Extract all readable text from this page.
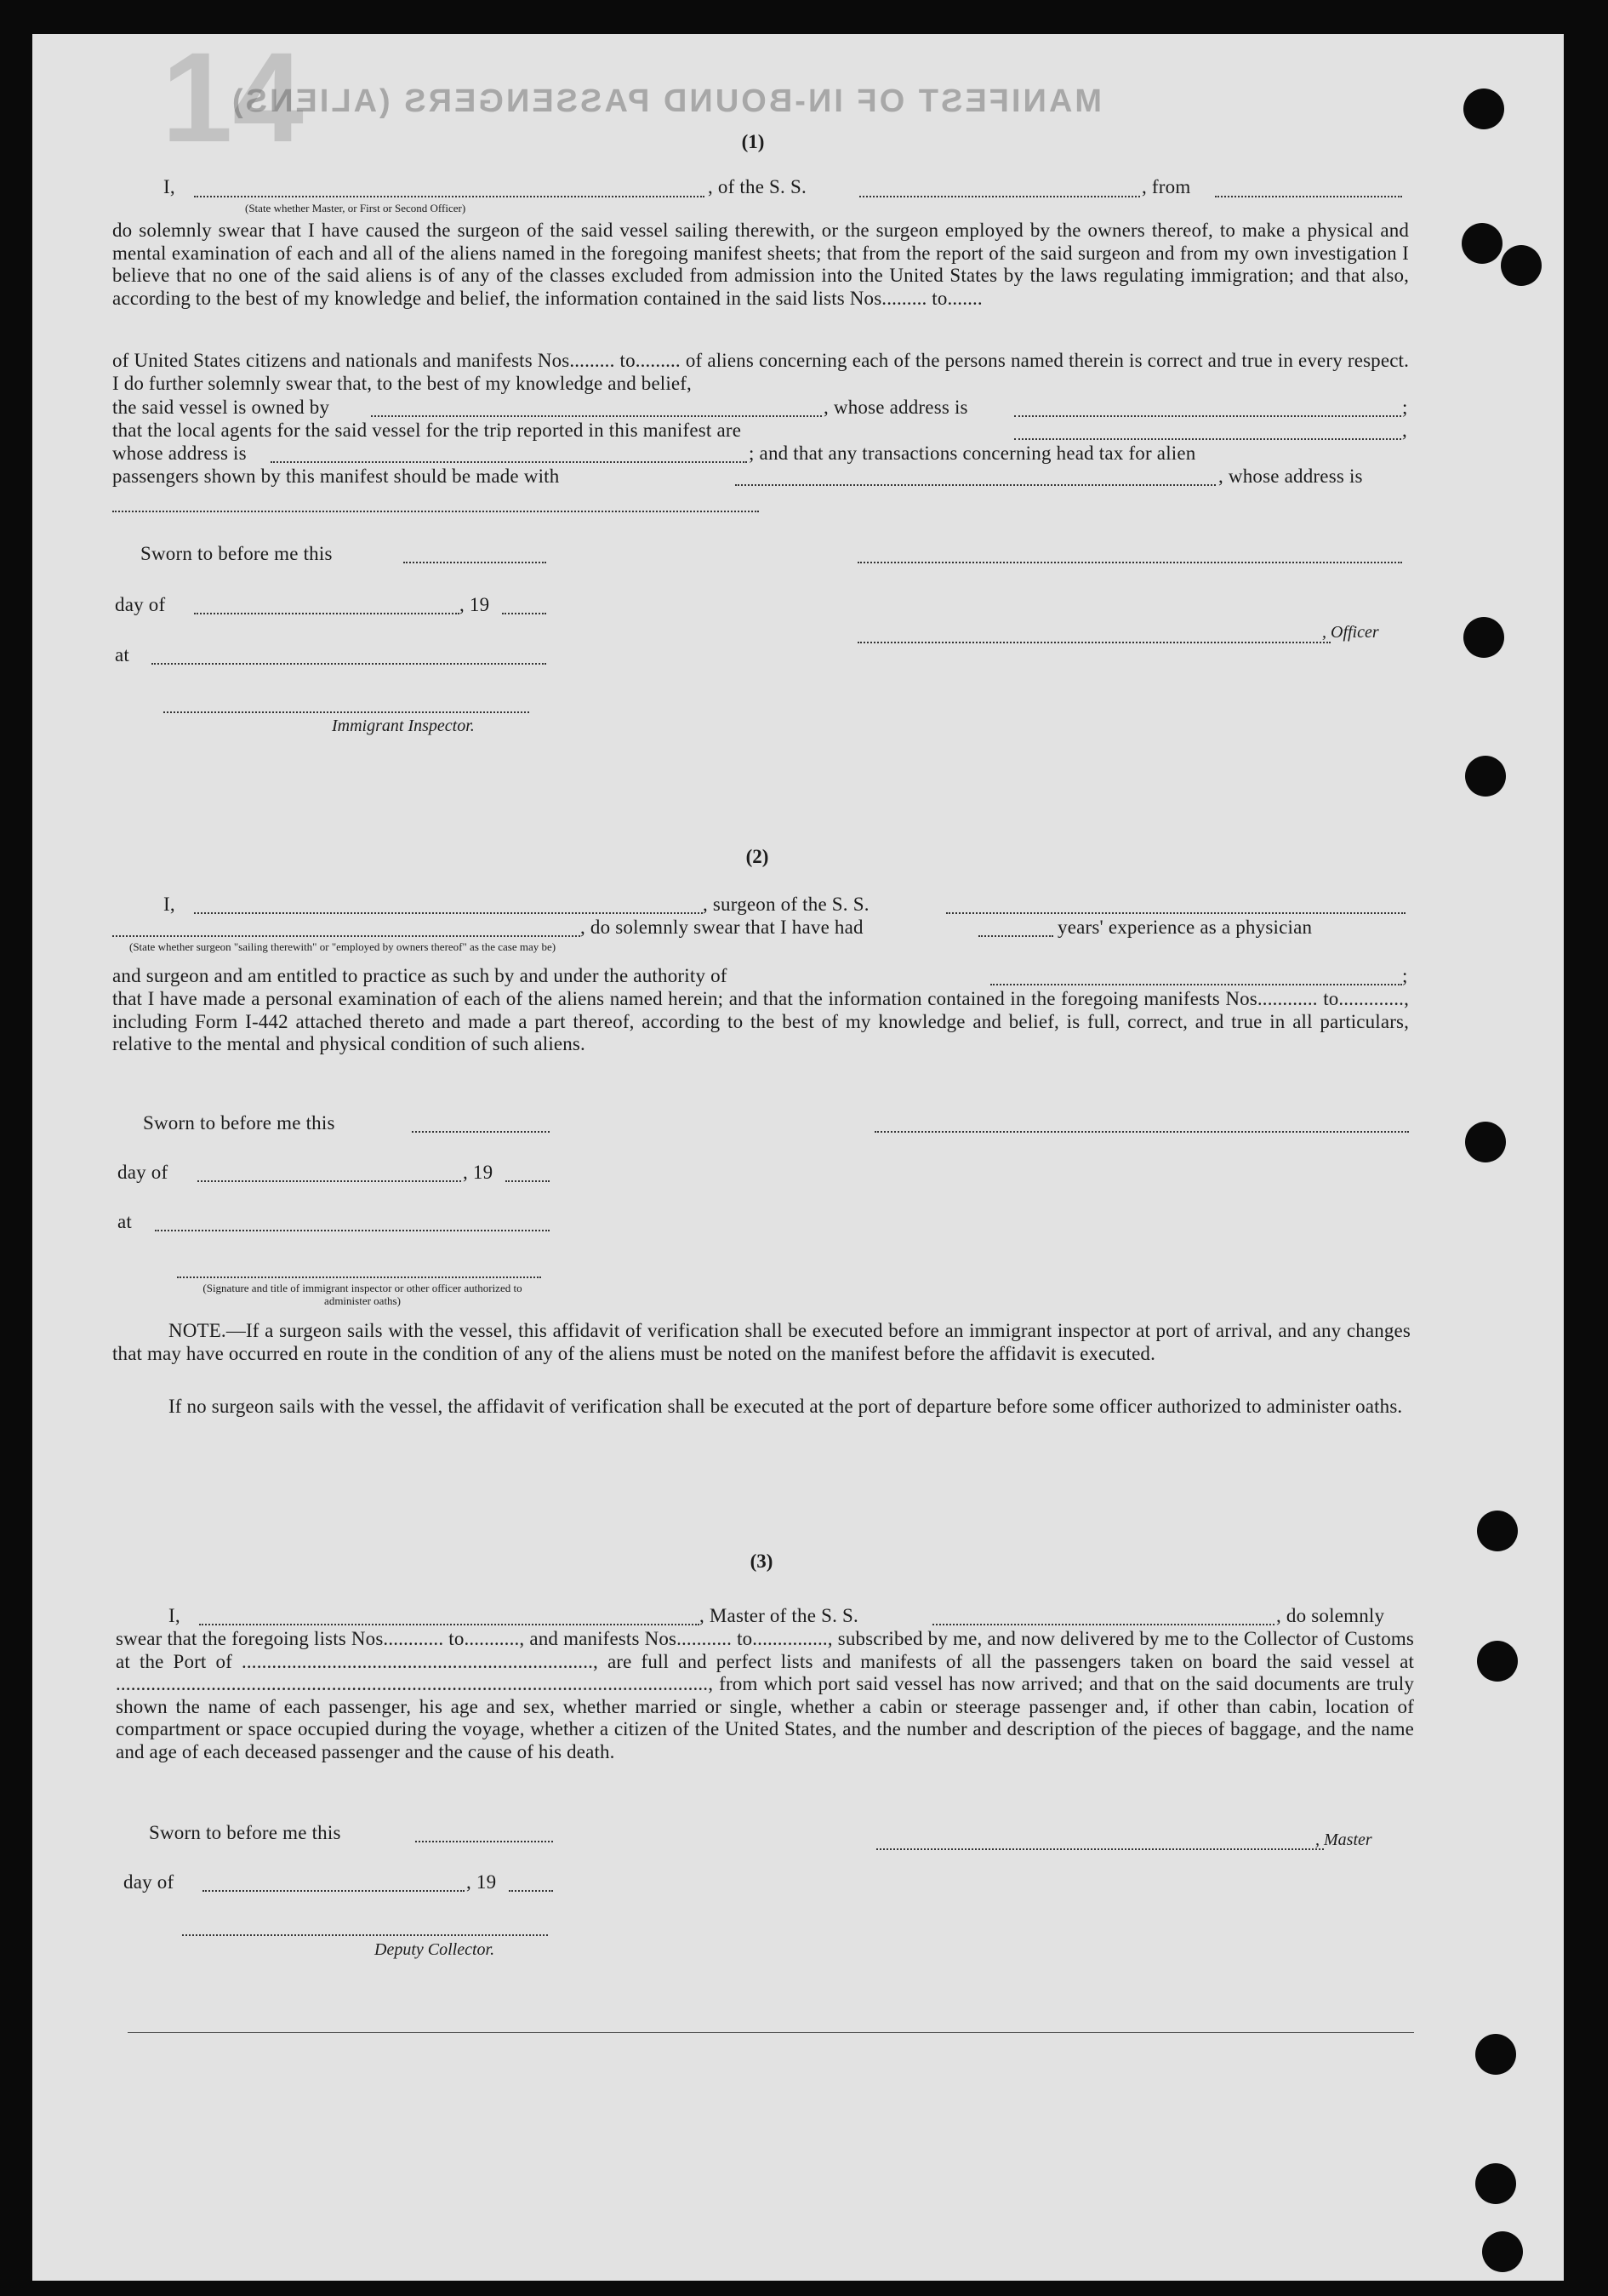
14
MANIFEST OF IN-BOUND PASSENGERS (ALIENS)
(1)
I,	, of the S. S.	, from
(State whether Master, or First or Second Officer)
do solemnly swear that I have caused the surgeon of the said vessel sailing therewith, or the surgeon employed by the owners thereof, to make a physical and mental examination of each and all of the aliens named in the foregoing manifest sheets; that from the report of the said surgeon and from my own investigation I believe that no one of the said aliens is of any of the classes excluded from admission into the United States by the laws regulating immigration; and that also, according to the best of my knowledge and belief, the information contained in the said lists Nos......... to.......
of United States citizens and nationals and manifests Nos......... to......... of aliens concerning each of the persons named therein is correct and true in every respect. I do further solemnly swear that, to the best of my knowledge and belief,
the said vessel is owned by	, whose address is	;
that the local agents for the said vessel for the trip reported in this manifest are	,
whose address is	; and that any transactions concerning head tax for alien
passengers shown by this manifest should be made with	, whose address is
Sworn to before me this
day of	, 19
, Officer
at
Immigrant Inspector.
(2)
I,	, surgeon of the S. S.
, do solemnly swear that I have had	years' experience as a physician
(State whether surgeon "sailing therewith" or "employed by owners thereof" as the case may be)
and surgeon and am entitled to practice as such by and under the authority of	;
that I have made a personal examination of each of the aliens named herein; and that the information contained in the foregoing manifests Nos............ to............., including Form I-442 attached thereto and made a part thereof, according to the best of my knowledge and belief, is full, correct, and true in all particulars, relative to the mental and physical condition of such aliens.
Sworn to before me this
day of	, 19
at
(Signature and title of immigrant inspector or other officer authorized to administer oaths)
NOTE.—If a surgeon sails with the vessel, this affidavit of verification shall be executed before an immigrant inspector at port of arrival, and any changes that may have occurred en route in the condition of any of the aliens must be noted on the manifest before the affidavit is executed.
If no surgeon sails with the vessel, the affidavit of verification shall be executed at the port of departure before some officer authorized to administer oaths.
(3)
I,	, Master of the S. S.	, do solemnly
swear that the foregoing lists Nos............ to..........., and manifests Nos........... to..............., subscribed by me, and now delivered by me to the Collector of Customs at the Port of ......................................................................, are full and perfect lists and manifests of all the passengers taken on board the said vessel at ......................................................................................................................, from which port said vessel has now arrived; and that on the said documents are truly shown the name of each passenger, his age and sex, whether married or single, whether a cabin or steerage passenger and, if other than cabin, location of compartment or space occupied during the voyage, whether a citizen of the United States, and the number and description of the pieces of baggage, and the name and age of each deceased passenger and the cause of his death.
Sworn to before me this	, Master
day of	, 19
Deputy Collector.
